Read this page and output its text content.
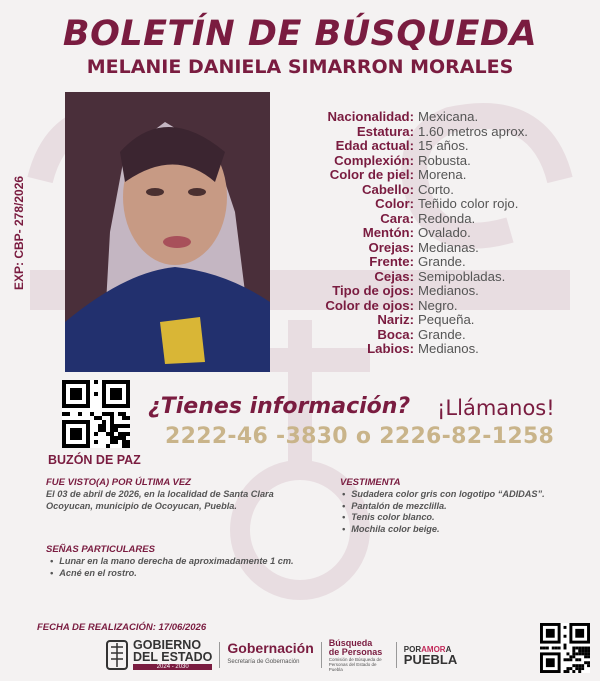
BOLETÍN DE BÚSQUEDA
MELANIE DANIELA SIMARRON MORALES
EXP: CBP- 278/2026
Nacionalidad: Mexicana.
Estatura: 1.60 metros aprox.
Edad actual: 15 años.
Complexión: Robusta.
Color de piel: Morena.
Cabello: Corto.
Color: Teñido color rojo.
Cara: Redonda.
Mentón: Ovalado.
Orejas: Medianas.
Frente: Grande.
Cejas: Semipobladas.
Tipo de ojos: Medianos.
Color de ojos: Negro.
Nariz: Pequeña.
Boca: Grande.
Labios: Medianos.
BUZÓN DE PAZ
¿Tienes información? ¡Llámanos!
2222-46 -3830 o 2226-82-1258
FUE VISTO(A) POR ÚLTIMA VEZ
El 03 de abril de 2026, en la localidad de Santa Clara Ocoyucan, municipio de Ocoyucan, Puebla.
VESTIMENTA
• Sudadera color gris con logotipo “ADIDAS”.
• Pantalón de mezclilla.
• Tenis color blanco.
• Mochila color beige.
SEÑAS PARTICULARES
• Lunar en la mano derecha de aproximadamente 1 cm.
• Acné en el rostro.
FECHA DE REALIZACIÓN: 17/06/2026
GOBIERNO
DEL ESTADO
2024 - 2030
Gobernación
Secretaría de Gobernación
Búsqueda
de Personas
Comisión de Búsqueda de Personas del Estado de Puebla
PORAMORA
PUEBLA
